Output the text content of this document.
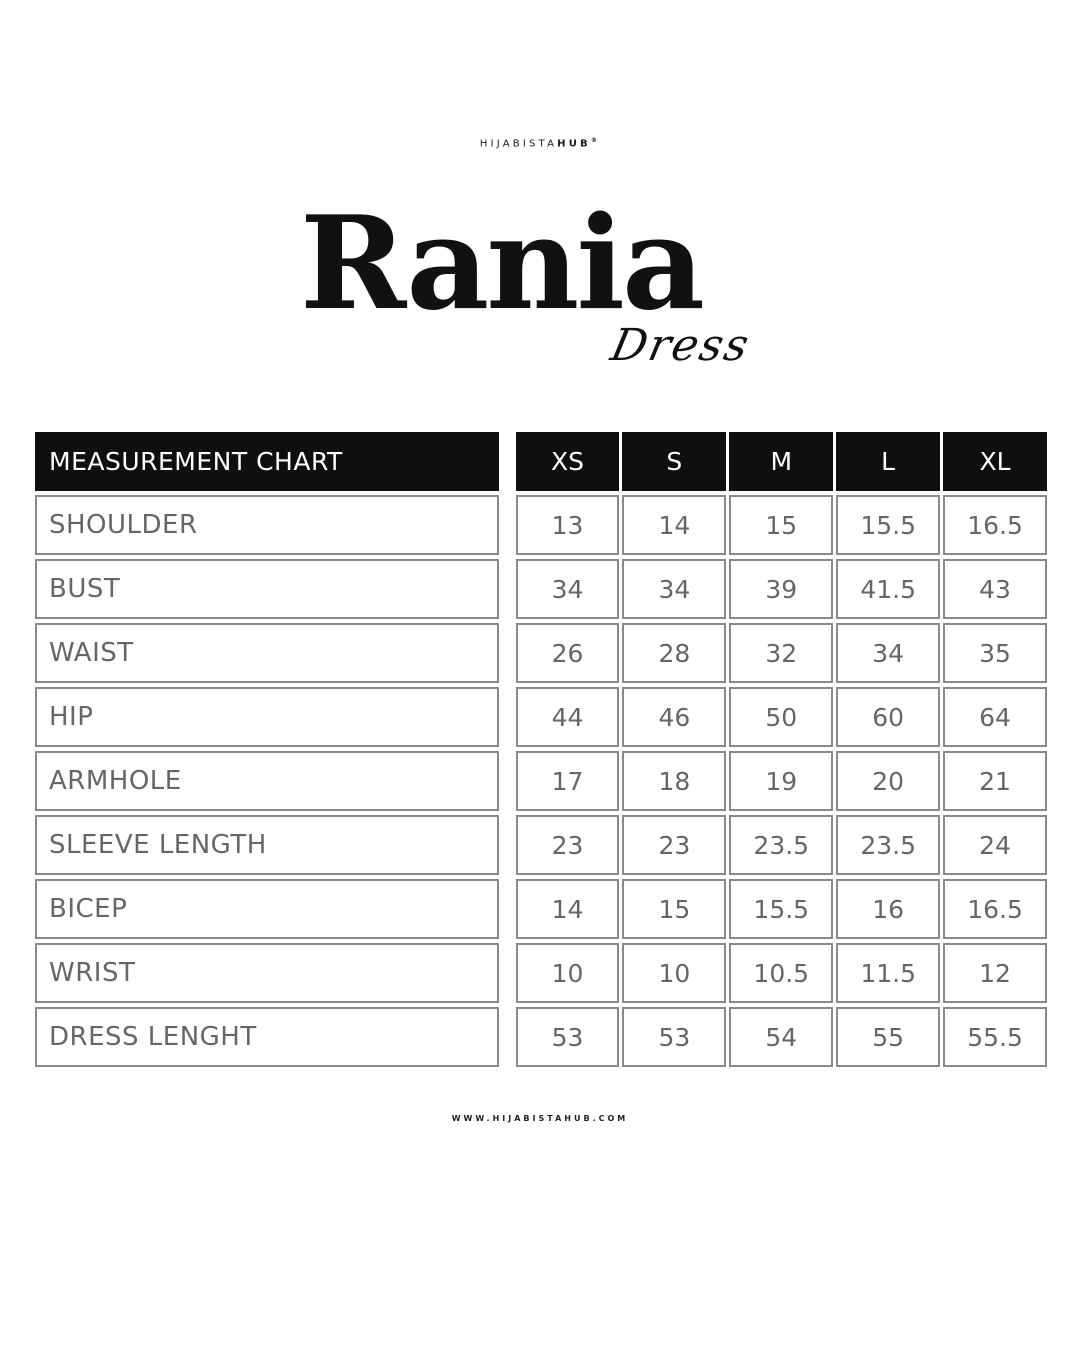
HIJABISTAHUB®
Rania
Dress
MEASUREMENT CHART	XS	S	M	L	XL
SHOULDER	13	14	15	15.5	16.5
BUST	34	34	39	41.5	43
WAIST	26	28	32	34	35
HIP	44	46	50	60	64
ARMHOLE	17	18	19	20	21
SLEEVE LENGTH	23	23	23.5	23.5	24
BICEP	14	15	15.5	16	16.5
WRIST	10	10	10.5	11.5	12
DRESS LENGHT	53	53	54	55	55.5
WWW.HIJABISTAHUB.COM
